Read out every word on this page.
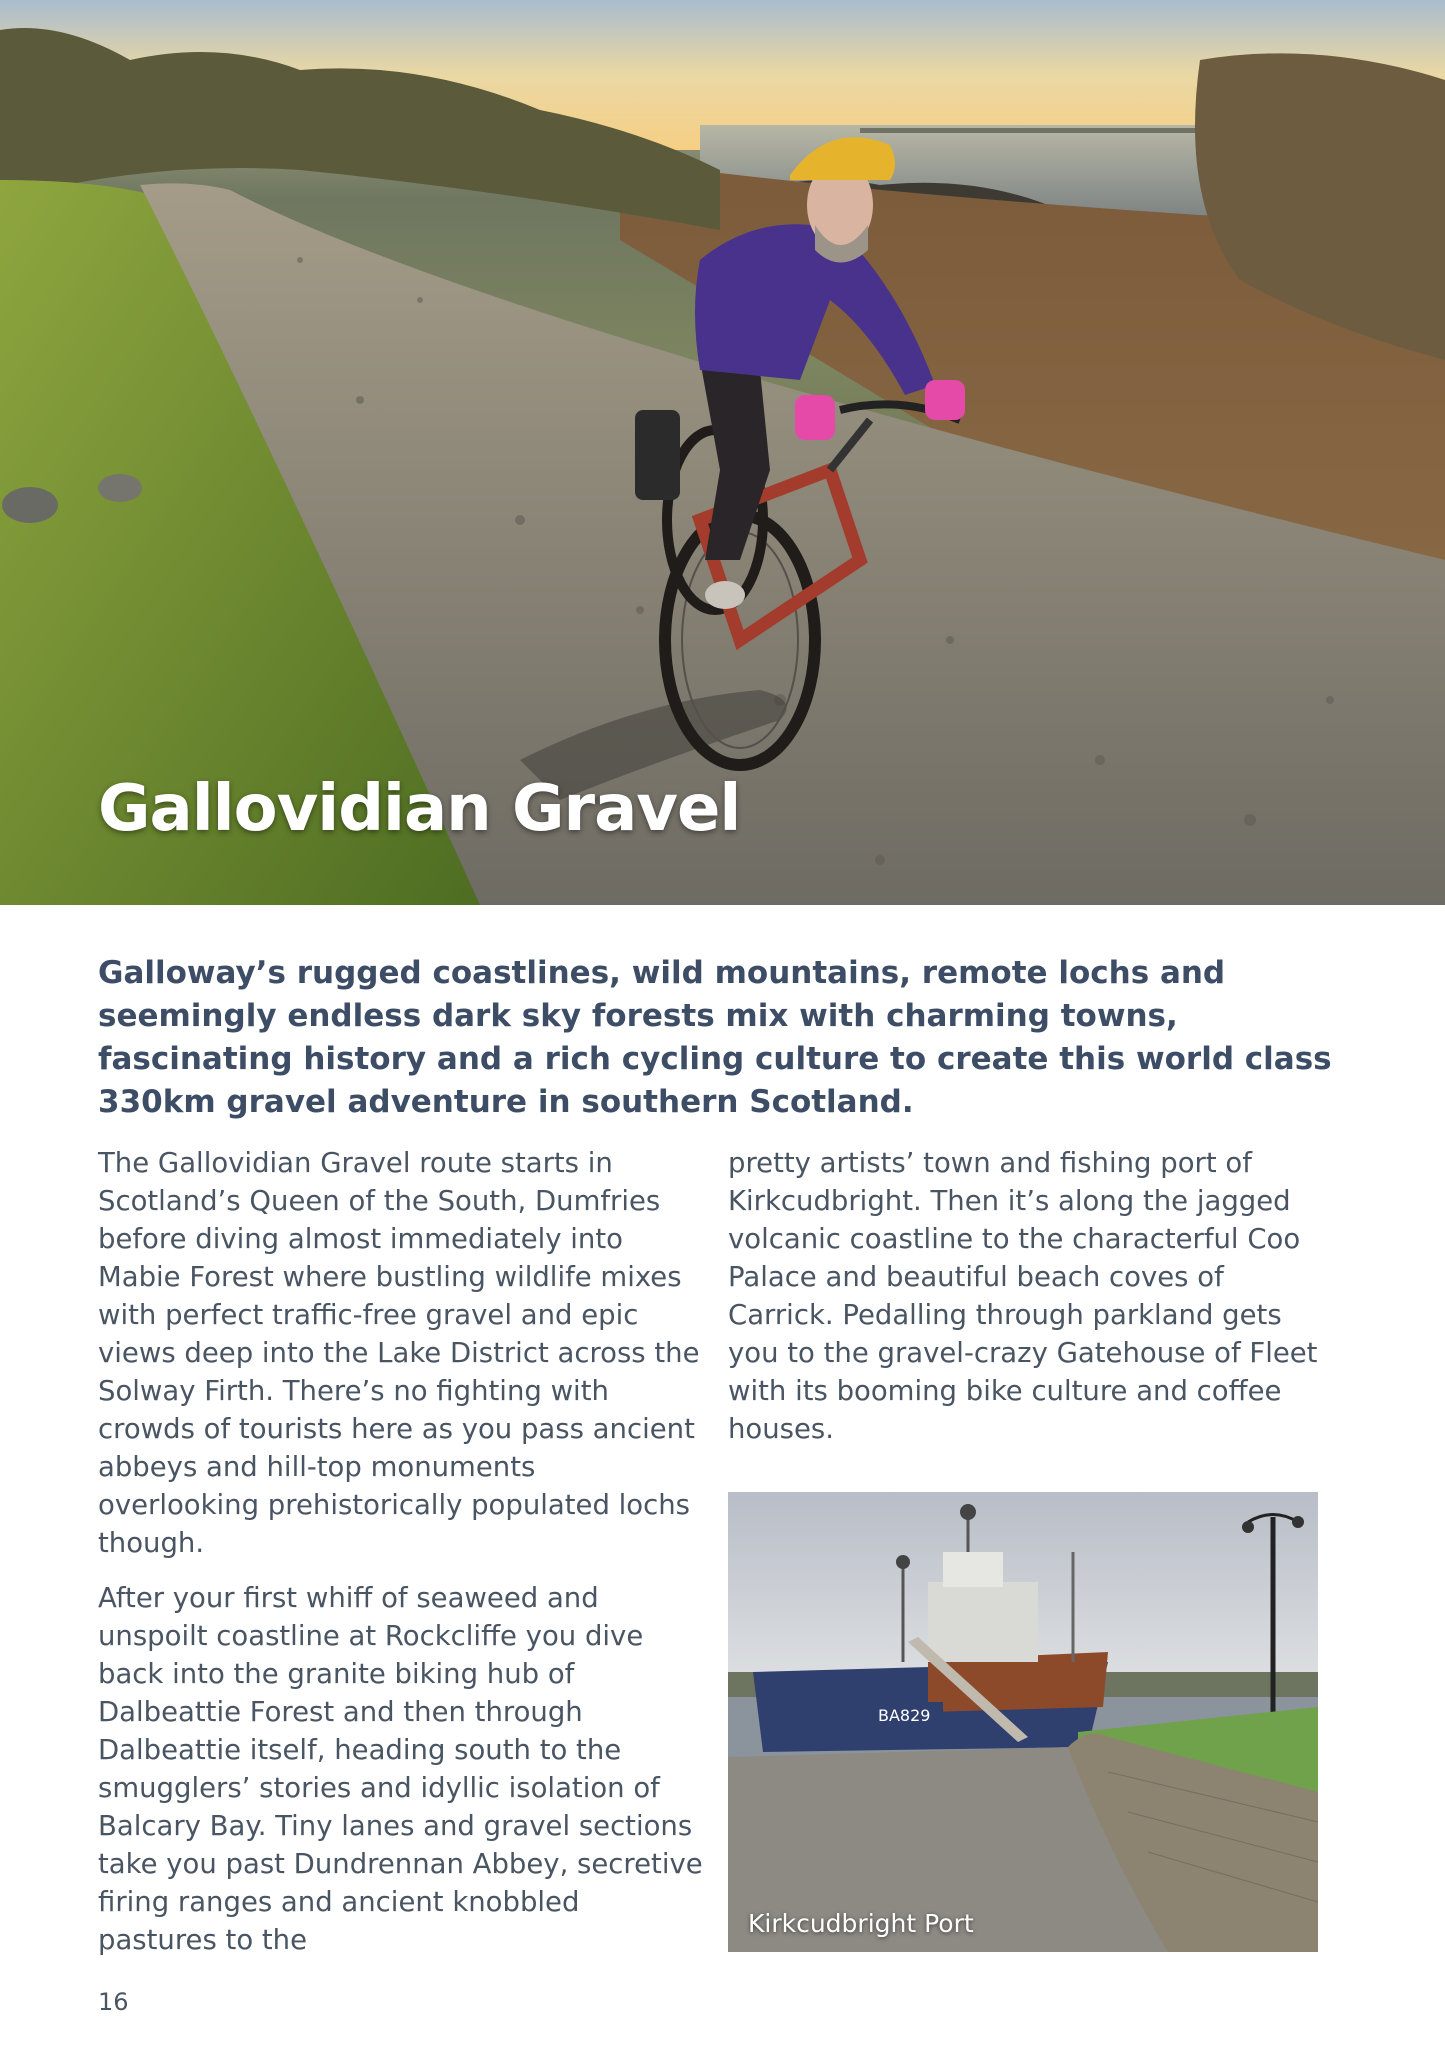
Gallovidian Gravel

Galloway’s rugged coastlines, wild mountains, remote lochs and seemingly endless dark sky forests mix with charming towns, fascinating history and a rich cycling culture to create this world class 330km gravel adventure in southern Scotland.

The Gallovidian Gravel route starts in Scotland’s Queen of the South, Dumfries before diving almost immediately into Mabie Forest where bustling wildlife mixes with perfect traffic-free gravel and epic views deep into the Lake District across the Solway Firth. There’s no fighting with crowds of tourists here as you pass ancient abbeys and hill-top monuments overlooking prehistorically populated lochs though.

After your first whiff of seaweed and unspoilt coastline at Rockcliffe you dive back into the granite biking hub of Dalbeattie Forest and then through Dalbeattie itself, heading south to the smugglers’ stories and idyllic isolation of Balcary Bay. Tiny lanes and gravel sections take you past Dundrennan Abbey, secretive firing ranges and ancient knobbled pastures to the

pretty artists’ town and fishing port of Kirkcudbright. Then it’s along the jagged volcanic coastline to the characterful Coo Palace and beautiful beach coves of Carrick. Pedalling through parkland gets you to the gravel-crazy Gatehouse of Fleet with its booming bike culture and coffee houses.

BA829
Kirkcudbright Port
16
